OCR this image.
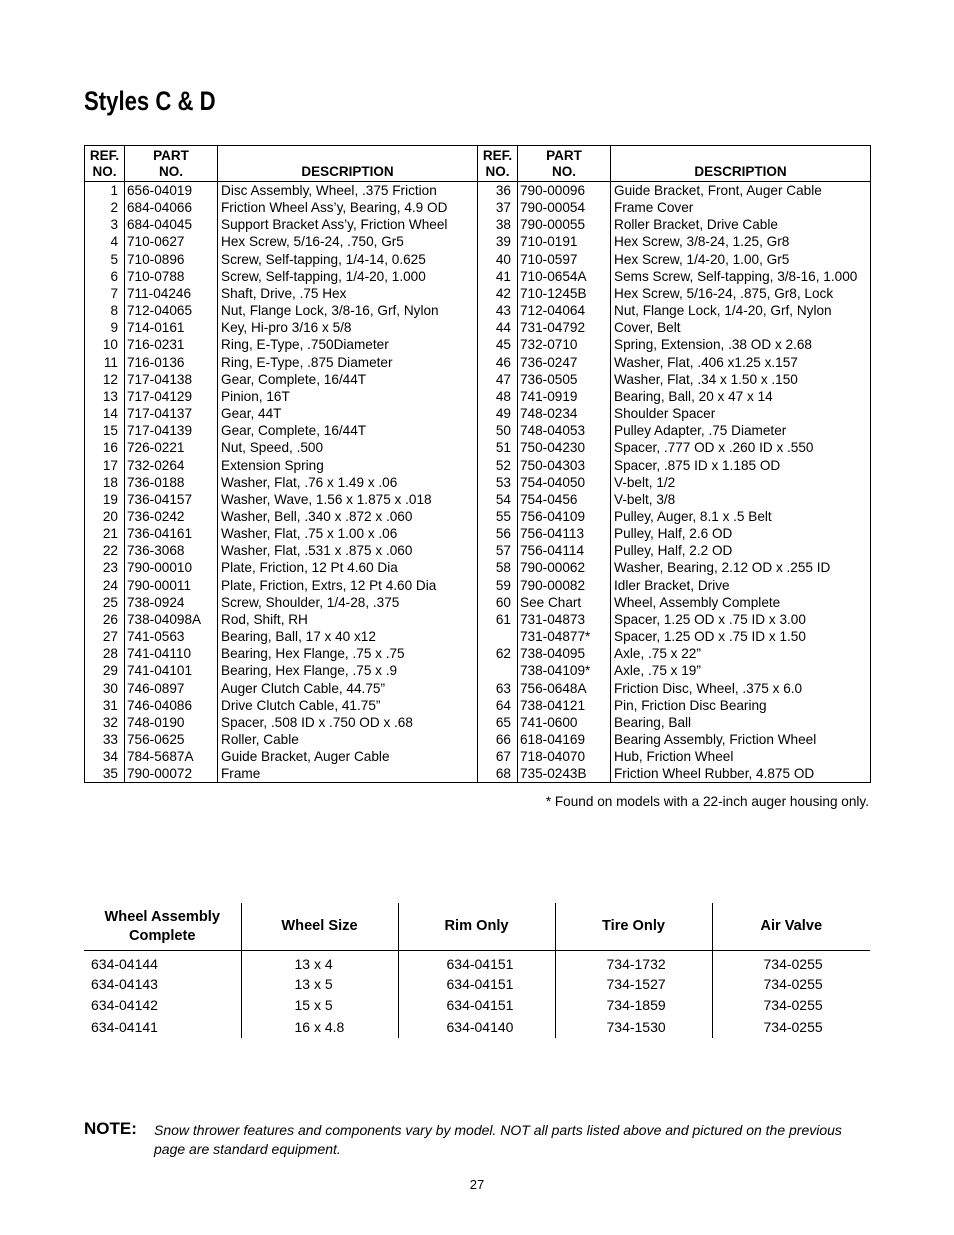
Styles C & D
REF.
NO.	PART
NO.	DESCRIPTION	REF.
NO.	PART
NO.	DESCRIPTION
1	656-04019	Disc Assembly, Wheel, .375 Friction	36	790-00096	Guide Bracket, Front, Auger Cable
2	684-04066	Friction Wheel Ass’y, Bearing, 4.9 OD	37	790-00054	Frame Cover
3	684-04045	Support Bracket Ass’y, Friction Wheel	38	790-00055	Roller Bracket, Drive Cable
4	710-0627	Hex Screw, 5/16-24, .750, Gr5	39	710-0191	Hex Screw, 3/8-24, 1.25, Gr8
5	710-0896	Screw, Self-tapping, 1/4-14, 0.625	40	710-0597	Hex Screw, 1/4-20, 1.00, Gr5
6	710-0788	Screw, Self-tapping, 1/4-20, 1.000	41	710-0654A	Sems Screw, Self-tapping, 3/8-16, 1.000
7	711-04246	Shaft, Drive, .75 Hex	42	710-1245B	Hex Screw, 5/16-24, .875, Gr8, Lock
8	712-04065	Nut, Flange Lock, 3/8-16, Grf, Nylon	43	712-04064	Nut, Flange Lock, 1/4-20, Grf, Nylon
9	714-0161	Key, Hi-pro 3/16 x 5/8	44	731-04792	Cover, Belt
10	716-0231	Ring, E-Type, .750Diameter	45	732-0710	Spring, Extension, .38 OD x 2.68
11	716-0136	Ring, E-Type, .875 Diameter	46	736-0247	Washer, Flat, .406 x1.25 x.157
12	717-04138	Gear, Complete, 16/44T	47	736-0505	Washer, Flat, .34 x 1.50 x .150
13	717-04129	Pinion, 16T	48	741-0919	Bearing, Ball, 20 x 47 x 14
14	717-04137	Gear, 44T	49	748-0234	Shoulder Spacer
15	717-04139	Gear, Complete, 16/44T	50	748-04053	Pulley Adapter, .75 Diameter
16	726-0221	Nut, Speed, .500	51	750-04230	Spacer, .777 OD x .260 ID x .550
17	732-0264	Extension Spring	52	750-04303	Spacer, .875 ID x 1.185 OD
18	736-0188	Washer, Flat, .76 x 1.49 x .06	53	754-04050	V-belt, 1/2
19	736-04157	Washer, Wave, 1.56 x 1.875 x .018	54	754-0456	V-belt, 3/8
20	736-0242	Washer, Bell, .340 x .872 x .060	55	756-04109	Pulley, Auger, 8.1 x .5 Belt
21	736-04161	Washer, Flat, .75 x 1.00 x .06	56	756-04113	Pulley, Half, 2.6 OD
22	736-3068	Washer, Flat, .531 x .875 x .060	57	756-04114	Pulley, Half, 2.2 OD
23	790-00010	Plate, Friction, 12 Pt 4.60 Dia	58	790-00062	Washer, Bearing, 2.12 OD x .255 ID
24	790-00011	Plate, Friction, Extrs, 12 Pt 4.60 Dia	59	790-00082	Idler Bracket, Drive
25	738-0924	Screw, Shoulder, 1/4-28, .375	60	See Chart	Wheel, Assembly Complete
26	738-04098A	Rod, Shift, RH	61	731-04873	Spacer, 1.25 OD x .75 ID x 3.00
27	741-0563	Bearing, Ball, 17 x 40 x12		731-04877*	Spacer, 1.25 OD x .75 ID x 1.50
28	741-04110	Bearing, Hex Flange, .75 x .75	62	738-04095	Axle, .75 x 22”
29	741-04101	Bearing, Hex Flange, .75 x .9		738-04109*	Axle, .75 x 19”
30	746-0897	Auger Clutch Cable, 44.75”	63	756-0648A	Friction Disc, Wheel, .375 x 6.0
31	746-04086	Drive Clutch Cable, 41.75”	64	738-04121	Pin, Friction Disc Bearing
32	748-0190	Spacer, .508 ID x .750 OD x .68	65	741-0600	Bearing, Ball
33	756-0625	Roller, Cable	66	618-04169	Bearing Assembly, Friction Wheel
34	784-5687A	Guide Bracket, Auger Cable	67	718-04070	Hub, Friction Wheel
35	790-00072	Frame	68	735-0243B	Friction Wheel Rubber, 4.875 OD
* Found on models with a 22-inch auger housing only.
Wheel Assembly
Complete	Wheel Size	Rim Only	Tire Only	Air Valve
634-04144	13 x 4	634-04151	734-1732	734-0255
634-04143	13 x 5	634-04151	734-1527	734-0255
634-04142	15 x 5	634-04151	734-1859	734-0255
634-04141	16 x 4.8	634-04140	734-1530	734-0255
NOTE: Snow thrower features and components vary by model. NOT all parts listed above and pictured on the previous page are standard equipment.
27
